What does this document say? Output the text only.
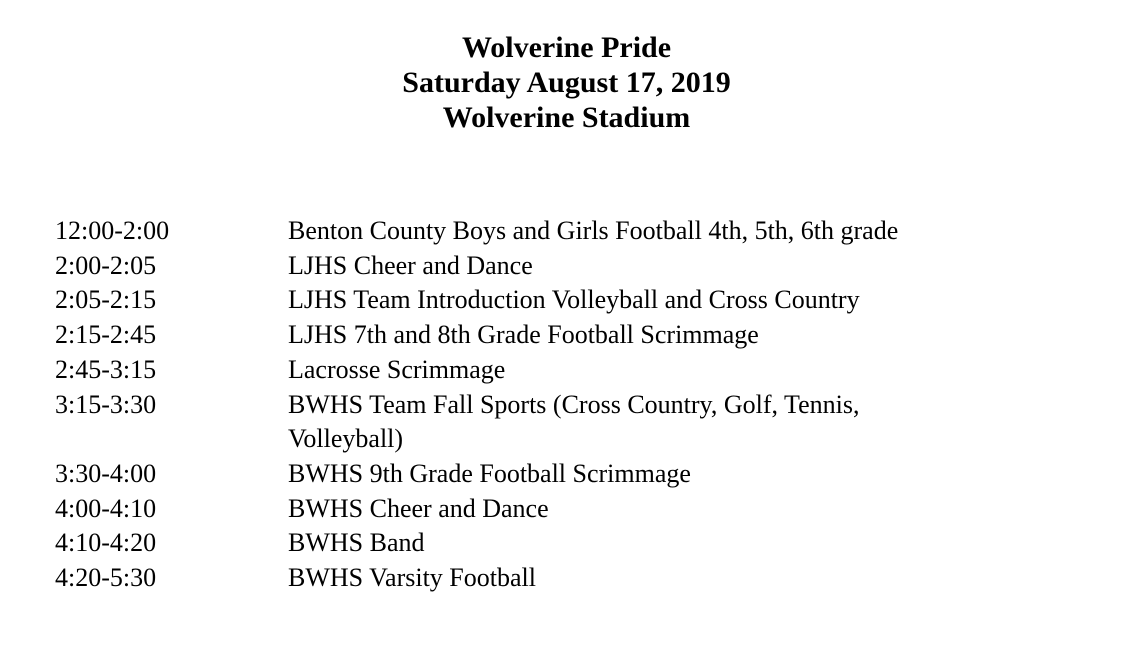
Wolverine Pride

Saturday August 17, 2019

Wolverine Stadium

12:00-2:00	Benton County Boys and Girls Football 4th, 5th, 6th grade
2:00-2:05	LJHS Cheer and Dance
2:05-2:15	LJHS Team Introduction Volleyball and Cross Country
2:15-2:45	LJHS 7th and 8th Grade Football Scrimmage
2:45-3:15	Lacrosse Scrimmage
3:15-3:30	BWHS Team Fall Sports (Cross Country, Golf, Tennis, Volleyball)
3:30-4:00	BWHS 9th Grade Football Scrimmage
4:00-4:10	BWHS Cheer and Dance
4:10-4:20	BWHS Band
4:20-5:30	BWHS Varsity Football
